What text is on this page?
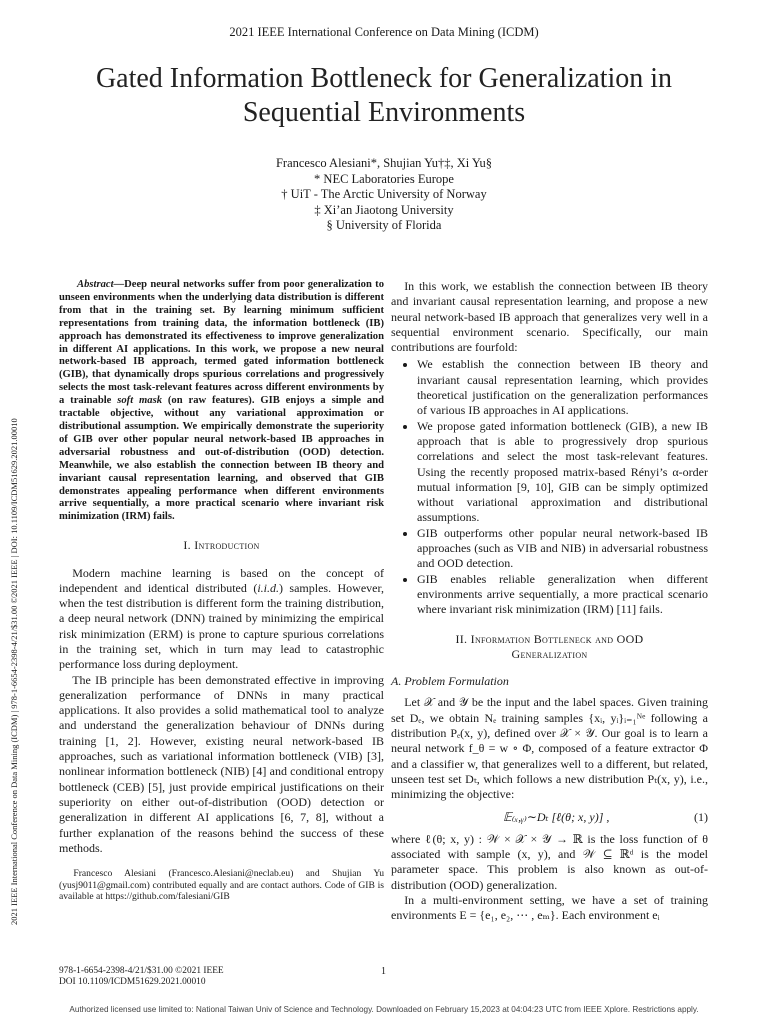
2021 IEEE International Conference on Data Mining (ICDM)
Gated Information Bottleneck for Generalization in
Sequential Environments
Francesco Alesiani*, Shujian Yu†‡, Xi Yu§
* NEC Laboratories Europe
† UiT - The Arctic University of Norway
‡ Xi’an Jiaotong University
§ University of Florida
2021 IEEE International Conference on Data Mining (ICDM) | 978-1-6654-2398-4/21/$31.00 ©2021 IEEE | DOI: 10.1109/ICDM51629.2021.00010

Abstract—Deep neural networks suffer from poor generalization to unseen environments when the underlying data distribution is different from that in the training set. By learning minimum sufficient representations from training data, the information bottleneck (IB) approach has demonstrated its effectiveness to improve generalization in different AI applications. In this work, we propose a new neural network-based IB approach, termed gated information bottleneck (GIB), that dynamically drops spurious correlations and progressively selects the most task-relevant features across different environments by a trainable soft mask (on raw features). GIB enjoys a simple and tractable objective, without any variational approximation or distributional assumption. We empirically demonstrate the superiority of GIB over other popular neural network-based IB approaches in adversarial robustness and out-of-distribution (OOD) detection. Meanwhile, we also establish the connection between IB theory and invariant causal representation learning, and observed that GIB demonstrates appealing performance when different environments arrive sequentially, a more practical scenario where invariant risk minimization (IRM) fails.

I. Introduction

Modern machine learning is based on the concept of independent and identical distributed (i.i.d.) samples. However, when the test distribution is different form the training distribution, a deep neural network (DNN) trained by minimizing the empirical risk minimization (ERM) is prone to capture spurious correlations in the training set, which in turn may lead to catastrophic performance loss during deployment.

The IB principle has been demonstrated effective in improving generalization performance of DNNs in many practical applications. It also provides a solid mathematical tool to analyze and understand the generalization behaviour of DNNs during training [1, 2]. However, existing neural network-based IB approaches, such as variational information bottleneck (VIB) [3], nonlinear information bottleneck (NIB) [4] and conditional entropy bottleneck (CEB) [5], just provide empirical justifications on their superiority on either out-of-distribution (OOD) detection or generalization in different AI applications [6, 7, 8], without a further explanation of the reasons behind the success of these methods.

Francesco Alesiani (Francesco.Alesiani@neclab.eu) and Shujian Yu (yusj9011@gmail.com) contributed equally and are contact authors. Code of GIB is available at https://github.com/falesiani/GIB

In this work, we establish the connection between IB theory and invariant causal representation learning, and propose a new neural network-based IB approach that generalizes very well in a sequential environment scenario. Specifically, our main contributions are fourfold:

• We establish the connection between IB theory and invariant causal representation learning, which provides theoretical justification on the generalization performances of various IB approaches in AI applications.
• We propose gated information bottleneck (GIB), a new IB approach that is able to progressively drop spurious correlations and select the most task-relevant features. Using the recently proposed matrix-based Rényi’s α-order mutual information [9, 10], GIB can be simply optimized without variational approximation and distributional assumptions.
• GIB outperforms other popular neural network-based IB approaches (such as VIB and NIB) in adversarial robustness and OOD detection.
• GIB enables reliable generalization when different environments arrive sequentially, a more practical scenario where invariant risk minimization (IRM) [11] fails.

II. Information Bottleneck and OOD
Generalization

A. Problem Formulation

Let 𝒳 and 𝒴 be the input and the label spaces. Given training set Dₑ, we obtain Nₑ training samples {xᵢ, yᵢ}ᵢ₌₁ᴺᵉ following a distribution Pₑ(x, y), defined over 𝒳 × 𝒴. Our goal is to learn a neural network f_θ = w ∘ Φ, composed of a feature extractor Φ and a classifier w, that generalizes well to a different, but related, unseen test set Dₜ, which follows a new distribution Pₜ(x, y), i.e., minimizing the objective:

𝔼₍ₓ,ᵧ₎∼Dₜ [ℓ(θ; x, y)] ,	(1)

where ℓ(θ; x, y) : 𝒲 × 𝒳 × 𝒴 → ℝ is the loss function of θ associated with sample (x, y), and 𝒲 ⊆ ℝᵈ is the model parameter space. This problem is also known as out-of-distribution (OOD) generalization.

In a multi-environment setting, we have a set of training environments E = {e₁, e₂, ⋯ , eₘ}. Each environment eᵢ

978-1-6654-2398-4/21/$31.00 ©2021 IEEE
DOI 10.1109/ICDM51629.2021.00010
1
Authorized licensed use limited to: National Taiwan Univ of Science and Technology. Downloaded on February 15,2023 at 04:04:23 UTC from IEEE Xplore. Restrictions apply.
